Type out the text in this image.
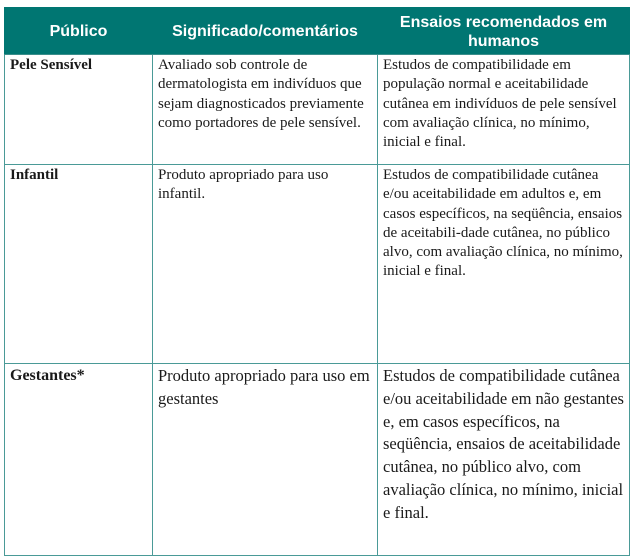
Público	Significado/comentários	Ensaios recomendados em humanos
Pele Sensível	Avaliado sob controle de dermatologista em indivíduos que sejam diagnosticados previamente como portadores de pele sensível.	Estudos de compatibilidade em população normal e aceitabilidade cutânea em indivíduos de pele sensível com avaliação clínica, no mínimo, inicial e final.
Infantil	Produto apropriado para uso infantil.	Estudos de compatibilidade cutânea e/ou aceitabilidade em adultos e, em casos específicos, na seqüência, ensaios de aceitabili-dade cutânea, no público alvo, com avaliação clínica, no mínimo, inicial e final.
Gestantes*	Produto apropriado para uso em gestantes	Estudos de compatibilidade cutânea e/ou aceitabilidade em não gestantes e, em casos específicos, na seqüência, ensaios de aceitabilidade cutânea, no público alvo, com avaliação clínica, no mínimo, inicial e final.
